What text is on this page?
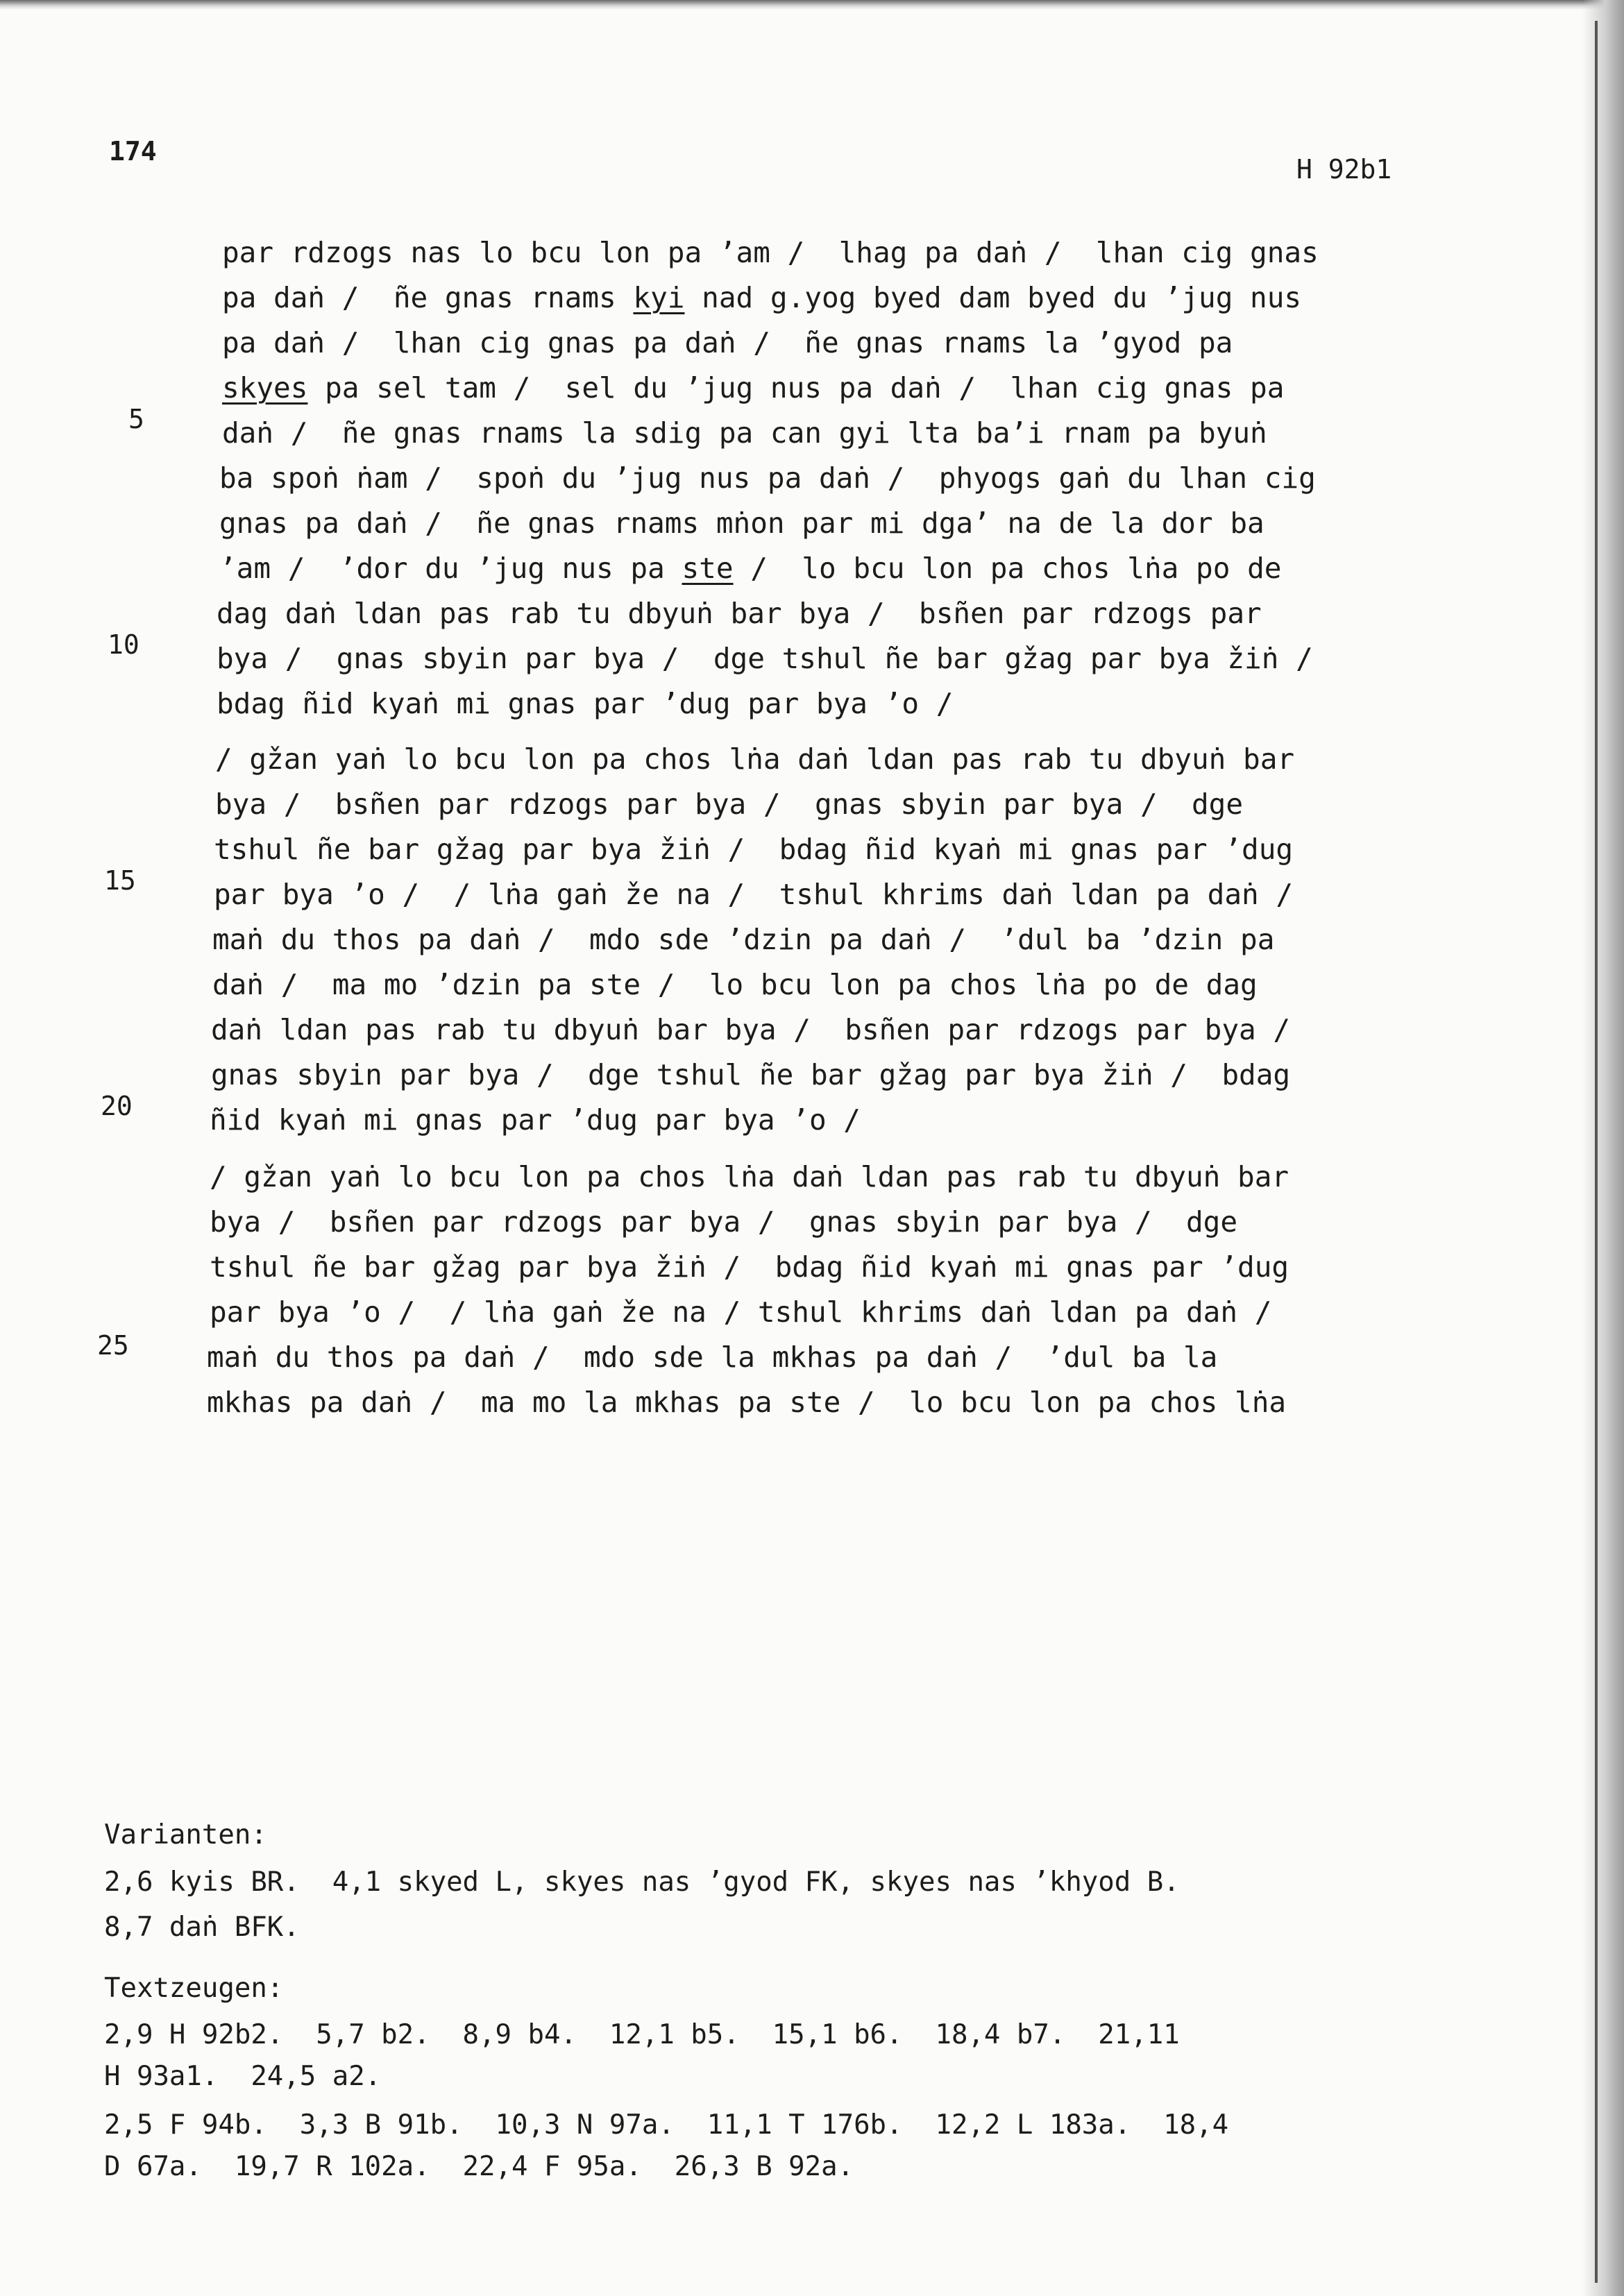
174

H 92b1

par rdzogs nas lo bcu lon pa ’am /  lhag pa daṅ /  lhan cig gnas

pa daṅ /  ñe gnas rnams kyi nad g.yog byed dam byed du ’jug nus

pa daṅ /  lhan cig gnas pa daṅ /  ñe gnas rnams la ’gyod pa

skyes pa sel tam /  sel du ’jug nus pa daṅ /  lhan cig gnas pa

daṅ /  ñe gnas rnams la sdig pa can gyi lta ba’i rnam pa byuṅ

ba spoṅ ṅam /  spoṅ du ’jug nus pa daṅ /  phyogs gaṅ du lhan cig

gnas pa daṅ /  ñe gnas rnams mṅon par mi dga’ na de la dor ba

’am /  ’dor du ’jug nus pa ste /  lo bcu lon pa chos lṅa po de

dag daṅ ldan pas rab tu dbyuṅ bar bya /  bsñen par rdzogs par

bya /  gnas sbyin par bya /  dge tshul ñe bar gžag par bya žiṅ /

bdag ñid kyaṅ mi gnas par ’dug par bya ’o /

/ gžan yaṅ lo bcu lon pa chos lṅa daṅ ldan pas rab tu dbyuṅ bar

bya /  bsñen par rdzogs par bya /  gnas sbyin par bya /  dge

tshul ñe bar gžag par bya žiṅ /  bdag ñid kyaṅ mi gnas par ’dug

par bya ’o /  / lṅa gaṅ že na /  tshul khrims daṅ ldan pa daṅ /

maṅ du thos pa daṅ /  mdo sde ’dzin pa daṅ /  ’dul ba ’dzin pa

daṅ /  ma mo ’dzin pa ste /  lo bcu lon pa chos lṅa po de dag

daṅ ldan pas rab tu dbyuṅ bar bya /  bsñen par rdzogs par bya /

gnas sbyin par bya /  dge tshul ñe bar gžag par bya žiṅ /  bdag

ñid kyaṅ mi gnas par ’dug par bya ’o /

/ gžan yaṅ lo bcu lon pa chos lṅa daṅ ldan pas rab tu dbyuṅ bar

bya /  bsñen par rdzogs par bya /  gnas sbyin par bya /  dge

tshul ñe bar gžag par bya žiṅ /  bdag ñid kyaṅ mi gnas par ’dug

par bya ’o /  / lṅa gaṅ že na / tshul khrims daṅ ldan pa daṅ /

maṅ du thos pa daṅ /  mdo sde la mkhas pa daṅ /  ’dul ba la

mkhas pa daṅ /  ma mo la mkhas pa ste /  lo bcu lon pa chos lṅa

5

10

15

20

25

Varianten:

2,6 kyis BR.  4,1 skyed L, skyes nas ’gyod FK, skyes nas ’khyod B.

8,7 daṅ BFK.

Textzeugen:

2,9 H 92b2.  5,7 b2.  8,9 b4.  12,1 b5.  15,1 b6.  18,4 b7.  21,11

H 93a1.  24,5 a2.

2,5 F 94b.  3,3 B 91b.  10,3 N 97a.  11,1 T 176b.  12,2 L 183a.  18,4

D 67a.  19,7 R 102a.  22,4 F 95a.  26,3 B 92a.
